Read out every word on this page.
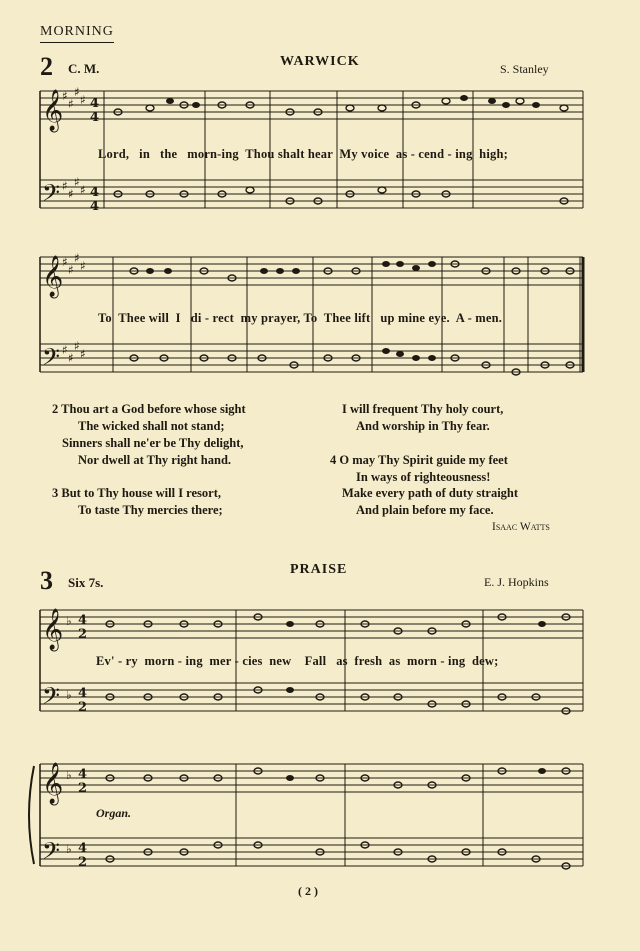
MORNING
2 C. M.	WARWICK	S. Stanley
𝄞
𝄢
𝄞
𝄢
𝄞
𝄢
𝄞
𝄢
♯
♯
♯
♯
♯
♯
♯
♯
♯
♯
♯
♯
♯
♯
♯
♯
4
4
4
4
♭
♭
♭
♭
4
2
4
2
4
2
4
2
Lord,   in   the   morn-ing  Thou shalt hear  My voice  as - cend - ing  high;
To  Thee will  I   di - rect  my prayer, To  Thee lift   up mine eye.  A - men.
2 Thou art a God before whose sight
The wicked shall not stand;
Sinners shall ne'er be Thy delight,
Nor dwell at Thy right hand.
3 But to Thy house will I resort,
To taste Thy mercies there;
I will frequent Thy holy court,
And worship in Thy fear.
4 O may Thy Spirit guide my feet
In ways of righteousness!
Make every path of duty straight
And plain before my face.
Isaac Watts
3 Six 7s.
PRAISE
E. J. Hopkins
Ev' - ry  morn - ing  mer - cies  new    Fall   as  fresh  as  morn - ing  dew;
Organ.
( 2 )
